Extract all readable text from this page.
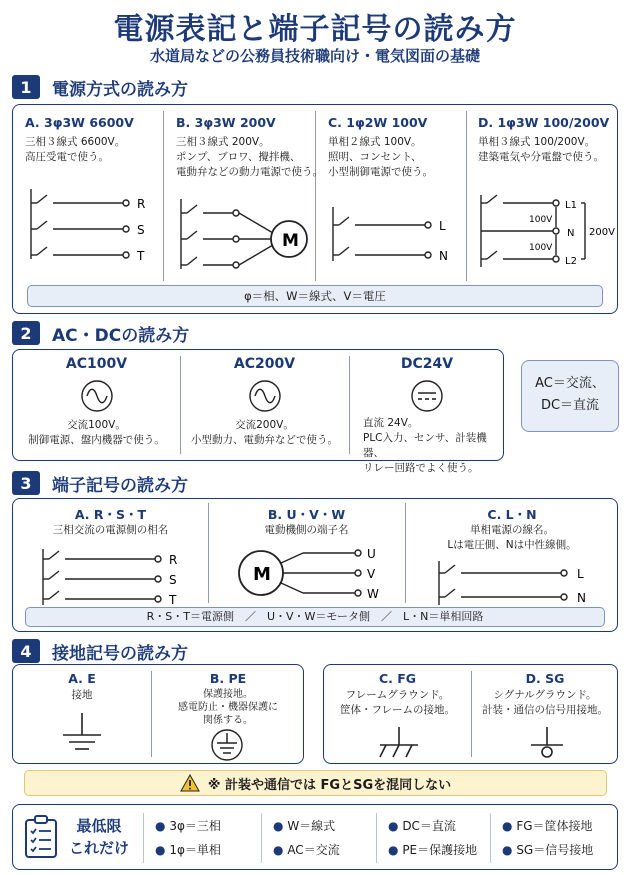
電源表記と端子記号の読み方
水道局などの公務員技術職向け・電気図面の基礎
1	電源方式の読み方
A. 3φ3W 6600V
三相３線式 6600V。
高圧受電で使う。
R
S
T
B. 3φ3W 200V
三相３線式 200V。
ポンプ、ブロワ、攪拌機、
電動弁などの動力電源で使う。
M
C. 1φ2W 100V
単相２線式 100V。
照明、コンセント、
小型制御電源で使う。
L
N
D. 1φ3W 100/200V
単相３線式 100/200V。
建築電気や分電盤で使う。
L1
N
L2
100V
100V
200V
φ＝相、W＝線式、V＝電圧
2	AC・DCの読み方
AC100V
交流100V。
制御電源、盤内機器で使う。
AC200V
交流200V。
小型動力、電動弁などで使う。
DC24V
直流 24V。
PLC入力、センサ、計装機器、
リレー回路でよく使う。
AC＝交流、
DC＝直流
3	端子記号の読み方
A. R・S・T
三相交流の電源側の相名
R
S
T
B. U・V・W
電動機側の端子名
M
U
V
W
C. L・N
単相電源の線名。
Lは電圧側、Nは中性線側。
L
N
R・S・T＝電源側　／　U・V・W＝モータ側　／　L・N＝単相回路
4	接地記号の読み方
A. E
接地
B. PE
保護接地。
感電防止・機器保護に
関係する。
C. FG
フレームグラウンド。
筐体・フレームの接地。
D. SG
シグナルグラウンド。
計装・通信の信号用接地。
※ 計装や通信では FGとSGを混同しない
最低限
これだけ
● 3φ＝三相	● W＝線式	● DC＝直流	● FG＝筐体接地
● 1φ＝単相	● AC＝交流	● PE＝保護接地 ● SG＝信号接地
